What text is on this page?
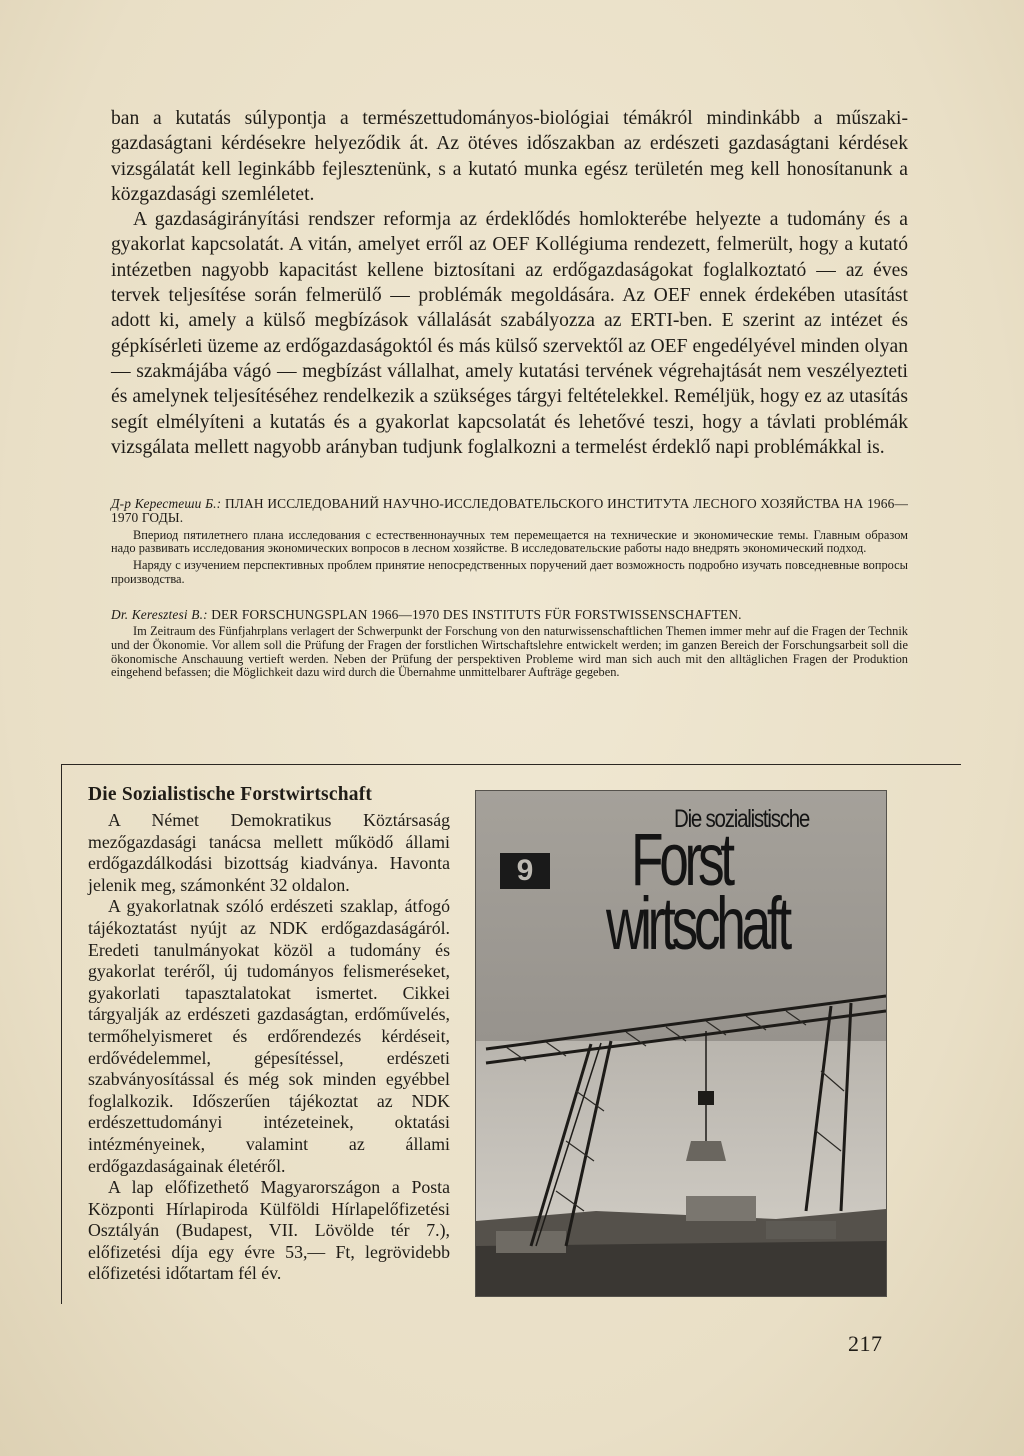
ban a kutatás súlypontja a természettudományos-biológiai témákról mindinkább a műszaki-gazdaságtani kérdésekre helyeződik át. Az ötéves időszakban az erdészeti gazdaságtani kérdések vizsgálatát kell leginkább fejlesztenünk, s a kutató munka egész területén meg kell honosítanunk a közgazdasági szemléletet.

A gazdaságirányítási rendszer reformja az érdeklődés homlokterébe helyezte a tudomány és a gyakorlat kapcsolatát. A vitán, amelyet erről az OEF Kollégiuma rendezett, felmerült, hogy a kutató intézetben nagyobb kapacitást kellene biztosítani az erdőgazdaságokat foglalkoztató — az éves tervek teljesítése során felmerülő — problémák megoldására. Az OEF ennek érdekében utasítást adott ki, amely a külső megbízások vállalását szabályozza az ERTI-ben. E szerint az intézet és gépkísérleti üzeme az erdőgazdaságoktól és más külső szervektől az OEF engedélyével minden olyan — szakmájába vágó — megbízást vállalhat, amely kutatási tervének végrehajtását nem veszélyezteti és amelynek teljesítéséhez rendelkezik a szükséges tárgyi feltételekkel. Reméljük, hogy ez az utasítás segít elmélyíteni a kutatás és a gyakorlat kapcsolatát és lehetővé teszi, hogy a távlati problémák vizsgálata mellett nagyobb arányban tudjunk foglalkozni a termelést érdeklő napi problémákkal is.

Д-р Керестеши Б.: ПЛАН ИССЛЕДОВАНИЙ НАУЧНО-ИССЛЕДОВАТЕЛЬСКОГО ИНСТИТУТА ЛЕСНОГО ХОЗЯЙСТВА НА 1966—1970 ГОДЫ.

Впериод пятилетнего плана исследования с естественнонаучных тем перемещается на технические и экономические темы. Главным образом надо развивать исследования экономических вопросов в лесном хозяйстве. В исследовательские работы надо внедрять экономический подход.

Наряду с изучением перспективных проблем принятие непосредственных поручений дает возможность подробно изучать повседневные вопросы производства.

Dr. Keresztesi B.: DER FORSCHUNGSPLAN 1966—1970 DES INSTITUTS FÜR FORSTWISSENSCHAFTEN.

Im Zeitraum des Fünfjahrplans verlagert der Schwerpunkt der Forschung von den naturwissenschaftlichen Themen immer mehr auf die Fragen der Technik und der Ökonomie. Vor allem soll die Prüfung der Fragen der forstlichen Wirtschaftslehre entwickelt werden; im ganzen Bereich der Forschungsarbeit soll die ökonomische Anschauung vertieft werden. Neben der Prüfung der perspektiven Probleme wird man sich auch mit den alltäglichen Fragen der Produktion eingehend befassen; die Möglichkeit dazu wird durch die Übernahme unmittelbarer Aufträge gegeben.

Die Sozialistische Forstwirtschaft

A Német Demokratikus Köztársaság mezőgazdasági tanácsa mellett működő állami erdőgazdálkodási bizottság kiadványa. Havonta jelenik meg, számonként 32 oldalon.

A gyakorlatnak szóló erdészeti szaklap, átfogó tájékoztatást nyújt az NDK erdőgazdaságáról. Eredeti tanulmányokat közöl a tudomány és gyakorlat teréről, új tudományos felismeréseket, gyakorlati tapasztalatokat ismertet. Cikkei tárgyalják az erdészeti gazdaságtan, erdőművelés, termőhelyismeret és erdőrendezés kérdéseit, erdővédelemmel, gépesítéssel, erdészeti szabványosítással és még sok minden egyébbel foglalkozik. Időszerűen tájékoztat az NDK erdészettudományi intézeteinek, oktatási intézményeinek, valamint az állami erdőgazdaságainak életéről.

A lap előfizethető Magyarországon a Posta Központi Hírlapiroda Külföldi Hírlapelőfizetési Osztályán (Budapest, VII. Lövölde tér 7.), előfizetési díja egy évre 53,— Ft, legrövidebb előfizetési időtartam fél év.

9
Die sozialistische
Forst
wirtschaft
217
